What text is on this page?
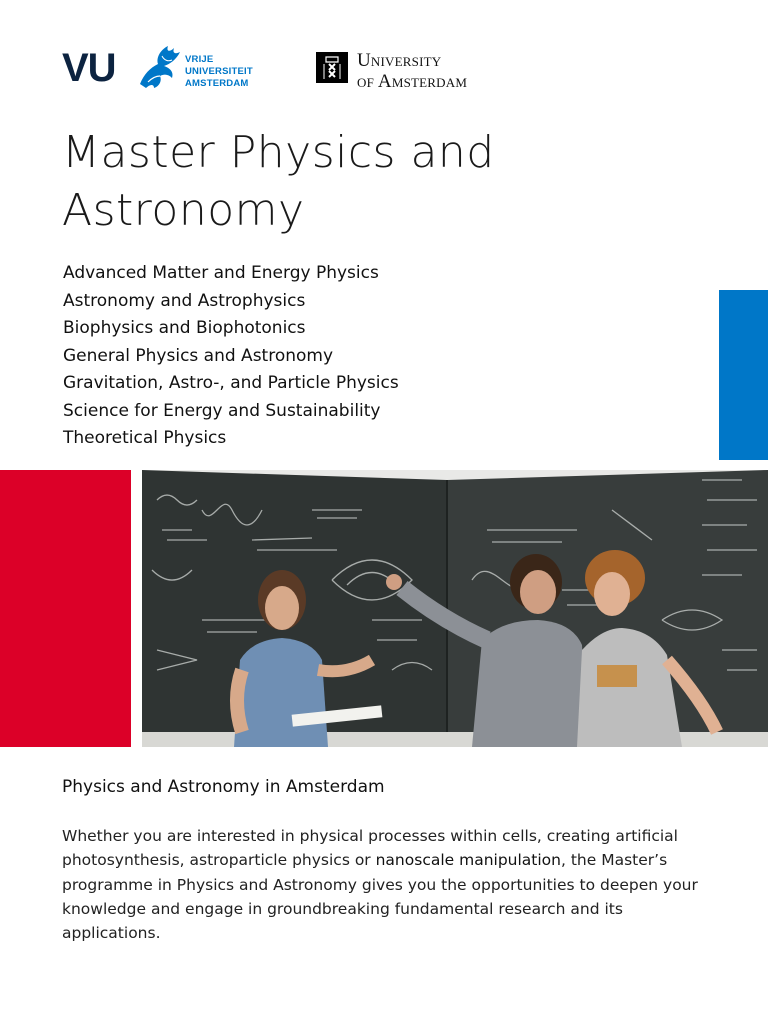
VU	VRIJE
UNIVERSITEIT
AMSTERDAM
University
of Amsterdam
Master Physics and Astronomy
Advanced Matter and Energy Physics
Astronomy and Astrophysics
Biophysics and Biophotonics
General Physics and Astronomy
Gravitation, Astro-, and Particle Physics
Science for Energy and Sustainability
Theoretical Physics
Physics and Astronomy in Amsterdam

Whether you are interested in physical processes within cells, creating artificial photosynthesis, astroparticle physics or nanoscale manipulation, the Master’s programme in Physics and Astronomy gives you the opportunities to deepen your knowledge and engage in groundbreaking fundamental research and its applications.
